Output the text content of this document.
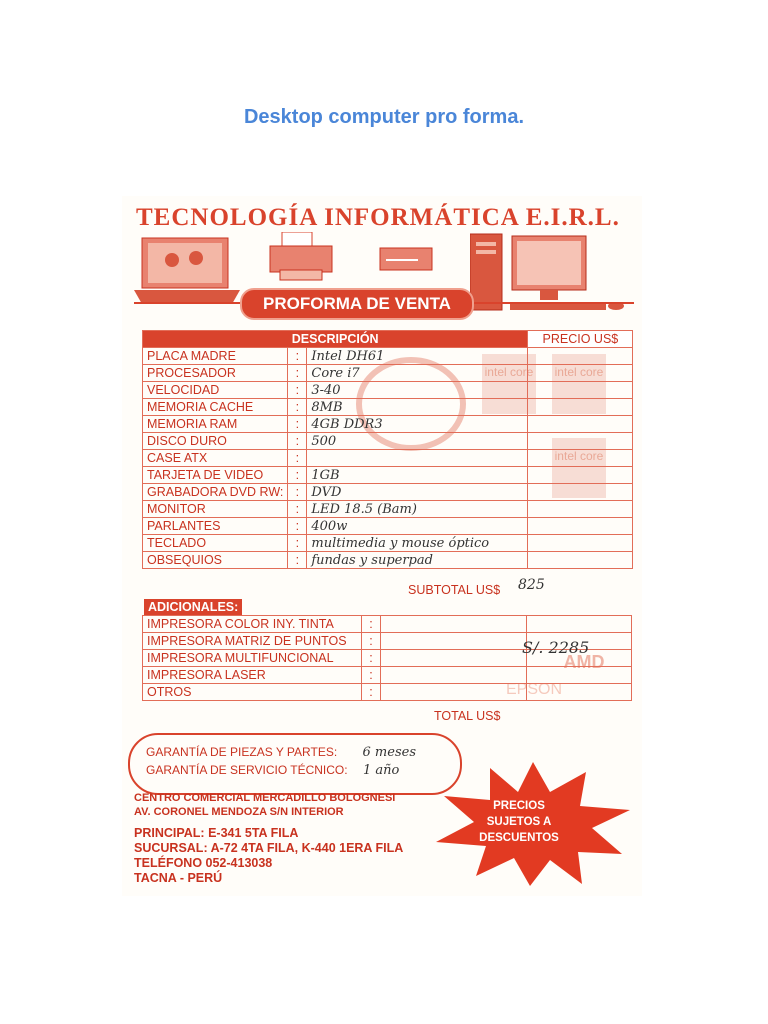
Desktop computer pro forma.
TECNOLOGÍA INFORMÁTICA E.I.R.L.
PROFORMA DE VENTA
intel core intel core
intel core
AMD
EPSON
DESCRIPCIÓN			PRECIO US$
PLACA MADRE	:	Intel DH61	
PROCESADOR	:	Core i7	
VELOCIDAD	:	3-40	
MEMORIA CACHE	:	8MB	
MEMORIA RAM	:	4GB DDR3	
DISCO DURO	:	500	
CASE ATX	:		
TARJETA DE VIDEO	:	1GB	
GRABADORA DVD RW:	:	DVD	
MONITOR	:	LED 18.5 (Bam)	
PARLANTES	:	400w	
TECLADO	:	multimedia y mouse óptico	
OBSEQUIOS	:	fundas y superpad	
SUBTOTAL US$ 825
ADICIONALES:
IMPRESORA COLOR INY. TINTA	:		
IMPRESORA MATRIZ DE PUNTOS	:		
IMPRESORA MULTIFUNCIONAL	:		
IMPRESORA LASER	:		
OTROS	:		
S/. 2285
TOTAL US$
GARANTÍA DE PIEZAS Y PARTES: 6 meses
GARANTÍA DE SERVICIO TÉCNICO: 1 año
CENTRO COMERCIAL MERCADILLO BOLOGNESI
AV. CORONEL MENDOZA S/N INTERIOR
PRINCIPAL: E-341 5TA FILA
SUCURSAL: A-72 4TA FILA, K-440 1ERA FILA
TELÉFONO 052-413038
TACNA - PERÚ
PRECIOS
SUJETOS A
DESCUENTOS
